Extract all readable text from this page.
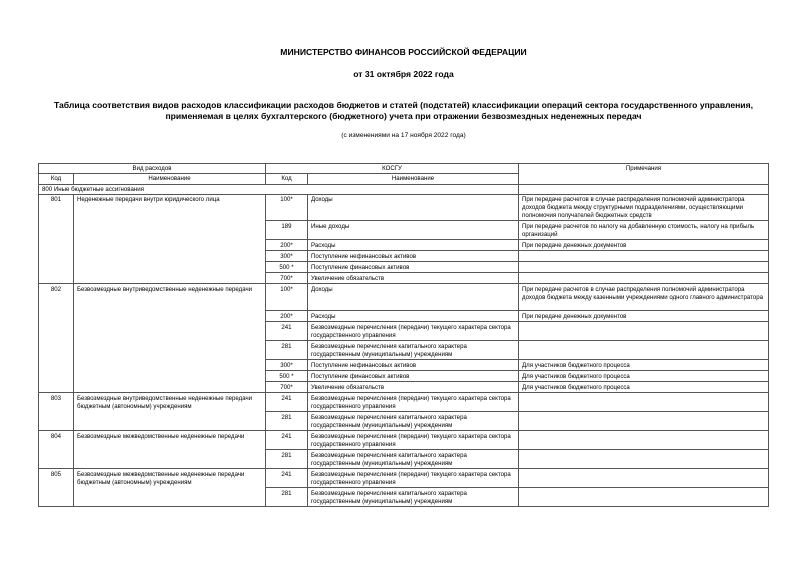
МИНИСТЕРСТВО ФИНАНСОВ РОССИЙСКОЙ ФЕДЕРАЦИИ
от 31 октября 2022 года
Таблица соответствия видов расходов классификации расходов бюджетов и статей (подстатей) классификации операций сектора государственного управления,
применяемая в целях бухгалтерского (бюджетного) учета при отражении безвозмездных неденежных передач
(с изменениями на 17 ноября 2022 года)
Вид расходов		КОСГУ		Примечания
Код	Наименование	Код	Наименование	
800 Иные бюджетные ассигнования				
801	Неденежные передачи внутри юридического лица	100*	Доходы	При передаче расчетов в случае распределения полномочий администратора доходов бюджета между структурными подразделениями, осуществляющими полномочия получателей бюджетных средств
		189	Иные доходы	При передаче расчетов по налогу на добавленную стоимость, налогу на прибыль организаций
		200*	Расходы	При передаче денежных документов
		300*	Поступление нефинансовых активов	
		500 *	Поступление финансовых активов	
		700*	Увеличение обязательств	
802	Безвозмездные внутриведомственные неденежные передачи	100*	Доходы	При передаче расчетов в случае распределения полномочий администратора доходов бюджета между казенными учреждениями одного главного администратора
		200*	Расходы	При передаче денежных документов
		241	Безвозмездные перечисления (передачи) текущего характера сектора государственного управления	
		281	Безвозмездные перечисления капитального характера государственным (муниципальным) учреждениям	
		300*	Поступление нефинансовых активов	Для участников бюджетного процесса
		500 *	Поступление финансовых активов	Для участников бюджетного процесса
		700*	Увеличение обязательств	Для участников бюджетного процесса
803	Безвозмездные внутриведомственные неденежные передачи бюджетным (автономным) учреждениям	241	Безвозмездные перечисления (передачи) текущего характера сектора государственного управления	
		281	Безвозмездные перечисления капитального характера государственным (муниципальным) учреждениям	
804	Безвозмездные межведомственные неденежные передачи	241	Безвозмездные перечисления (передачи) текущего характера сектора государственного управления	
		281	Безвозмездные перечисления капитального характера государственным (муниципальным) учреждениям	
805	Безвозмездные межведомственные неденежные передачи бюджетным (автономным) учреждениям	241	Безвозмездные перечисления (передачи) текущего характера сектора государственного управления	
		281	Безвозмездные перечисления капитального характера государственным (муниципальным) учреждениям	
